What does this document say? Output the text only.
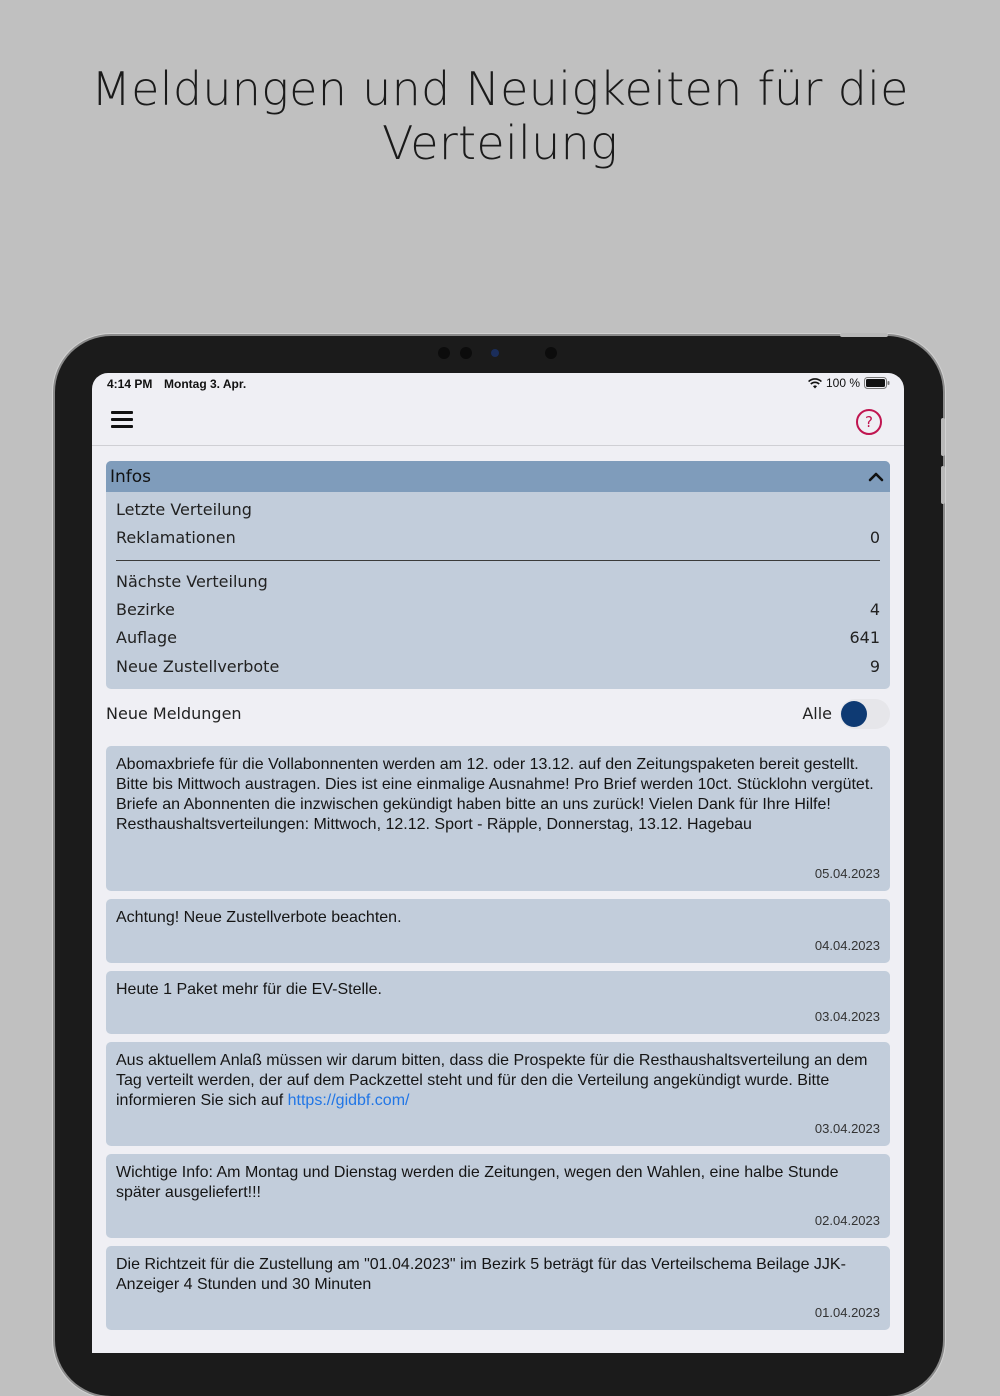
Meldungen und Neuigkeiten für die
Verteilung
4:14 PM Montag 3. Apr.	100 %
?
Infos
Letzte Verteilung
Reklamationen	0
Nächste Verteilung
Bezirke	4
Auflage	641
Neue Zustellverbote	9
Neue Meldungen	Alle
Abomaxbriefe für die Vollabonnenten werden am 12. oder 13.12. auf den Zeitungspaketen bereit gestellt. Bitte bis Mittwoch austragen. Dies ist eine einmalige Ausnahme! Pro Brief werden 10ct. Stücklohn vergütet. Briefe an Abonnenten die inzwischen gekündigt haben bitte an uns zurück! Vielen Dank für Ihre Hilfe! Resthaushaltsverteilungen: Mittwoch, 12.12. Sport - Räpple, Donnerstag, 13.12. Hagebau
05.04.2023
Achtung! Neue Zustellverbote beachten.
04.04.2023
Heute 1 Paket mehr für die EV-Stelle.
03.04.2023
Aus aktuellem Anlaß müssen wir darum bitten, dass die Prospekte für die Resthaushaltsverteilung an dem Tag verteilt werden, der auf dem Packzettel steht und für den die Verteilung angekündigt wurde. Bitte informieren Sie sich auf https://gidbf.com/
03.04.2023
Wichtige Info: Am Montag und Dienstag werden die Zeitungen, wegen den Wahlen, eine halbe Stunde später ausgeliefert!!!
02.04.2023
Die Richtzeit für die Zustellung am "01.04.2023" im Bezirk 5 beträgt für das Verteilschema Beilage JJK-Anzeiger 4 Stunden und 30 Minuten
01.04.2023
